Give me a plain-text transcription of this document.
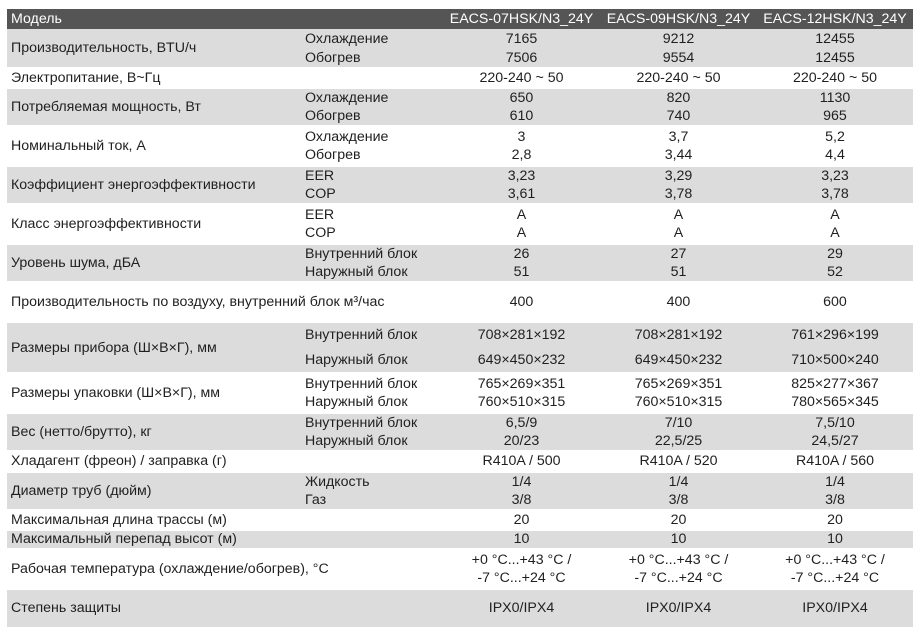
Модель		EACS-07HSK/N3_24Y	EACS-09HSK/N3_24Y	EACS-12HSK/N3_24Y
Производительность, BTU/ч	Охлаждение	7165	9212	12455
	Обогрев	7506	9554	12455
Электропитание, В~Гц		220-240 ~ 50	220-240 ~ 50	220-240 ~ 50
Потребляемая мощность, Вт	Охлаждение	650	820	1130
	Обогрев	610	740	965
Номинальный ток, А	Охлаждение	3	3,7	5,2
	Обогрев	2,8	3,44	4,4
Коэффициент энергоэффективности	EER	3,23	3,29	3,23
	COP	3,61	3,78	3,78
Класс энергоэффективности	EER	A	A	A
	COP	A	A	A
Уровень шума, дБА	Внутренний блок	26	27	29
	Наружный блок	51	51	52
Производительность по воздуху, внутренний блок м³/час		400	400	600
Размеры прибора (Ш×В×Г), мм	Внутренний блок	708×281×192	708×281×192	761×296×199
	Наружный блок	649×450×232	649×450×232	710×500×240
Размеры упаковки (Ш×В×Г), мм	Внутренний блок	765×269×351	765×269×351	825×277×367
	Наружный блок	760×510×315	760×510×315	780×565×345
Вес (нетто/брутто), кг	Внутренний блок	6,5/9	7/10	7,5/10
	Наружный блок	20/23	22,5/25	24,5/27
Хладагент (фреон) / заправка (г)		R410A / 500	R410A / 520	R410A / 560
Диаметр труб (дюйм)	Жидкость	1/4	1/4	1/4
	Газ	3/8	3/8	3/8
Максимальная длина трассы (м)		20	20	20
Максимальный перепад высот (м)		10	10	10
Рабочая температура (охлаждение/обогрев), °С		+0 °C...+43 °C /	+0 °C...+43 °C /	+0 °C...+43 °C /
		-7 °C...+24 °C	-7 °C...+24 °C	-7 °C...+24 °C
Степень защиты		IPX0/IPX4	IPX0/IPX4	IPX0/IPX4
